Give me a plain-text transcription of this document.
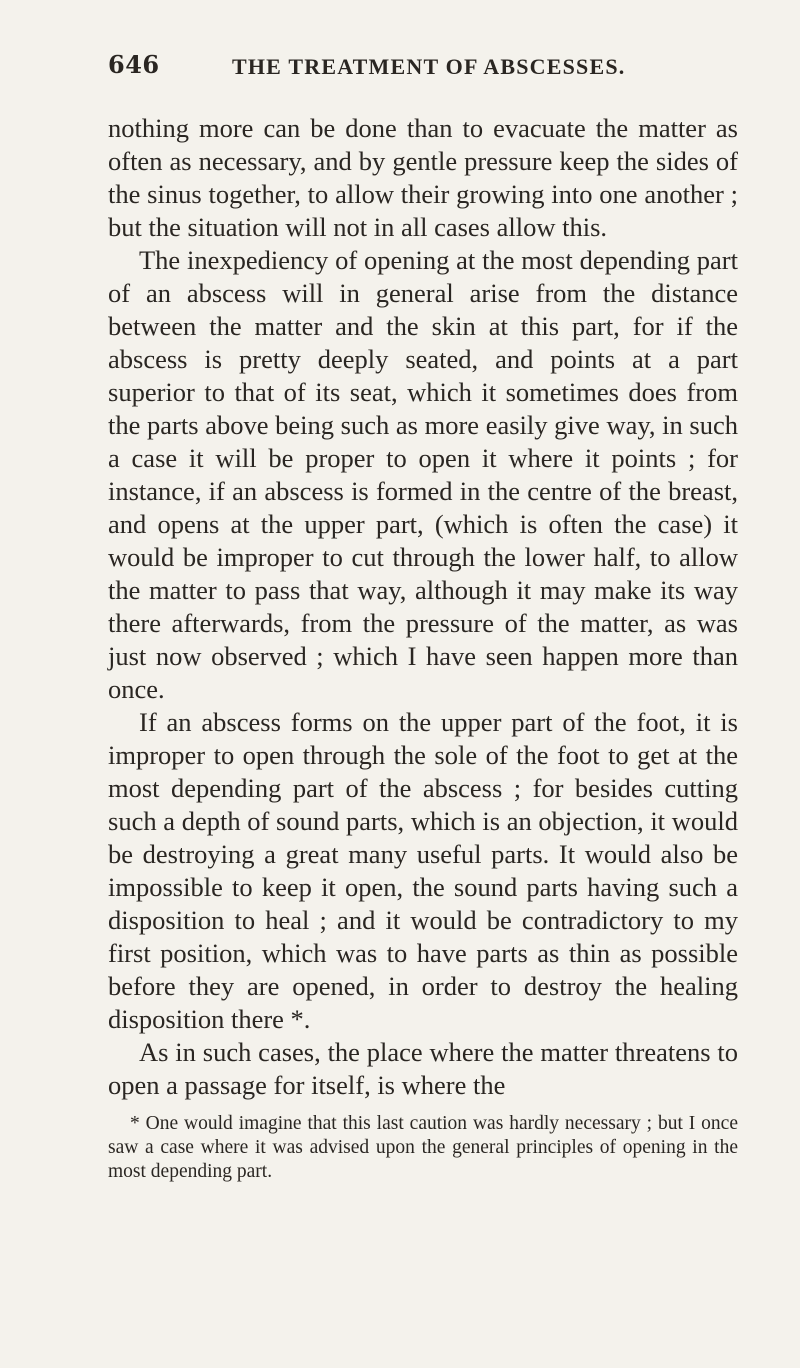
646	THE TREATMENT OF ABSCESSES.

nothing more can be done than to evacuate the matter as often as necessary, and by gentle pressure keep the sides of the sinus together, to allow their growing into one another ; but the situation will not in all cases allow this.

The inexpediency of opening at the most depending part of an abscess will in general arise from the distance between the matter and the skin at this part, for if the abscess is pretty deeply seated, and points at a part superior to that of its seat, which it sometimes does from the parts above being such as more easily give way, in such a case it will be proper to open it where it points ; for instance, if an abscess is formed in the centre of the breast, and opens at the upper part, (which is often the case) it would be improper to cut through the lower half, to allow the matter to pass that way, although it may make its way there afterwards, from the pressure of the matter, as was just now observed ; which I have seen happen more than once.

If an abscess forms on the upper part of the foot, it is improper to open through the sole of the foot to get at the most depending part of the abscess ; for besides cutting such a depth of sound parts, which is an objection, it would be destroying a great many useful parts. It would also be impossible to keep it open, the sound parts having such a disposition to heal ; and it would be contradictory to my first position, which was to have parts as thin as possible before they are opened, in order to destroy the healing disposition there *.

As in such cases, the place where the matter threatens to open a passage for itself, is where the

* One would imagine that this last caution was hardly necessary ; but I once saw a case where it was advised upon the general principles of opening in the most depending part.
